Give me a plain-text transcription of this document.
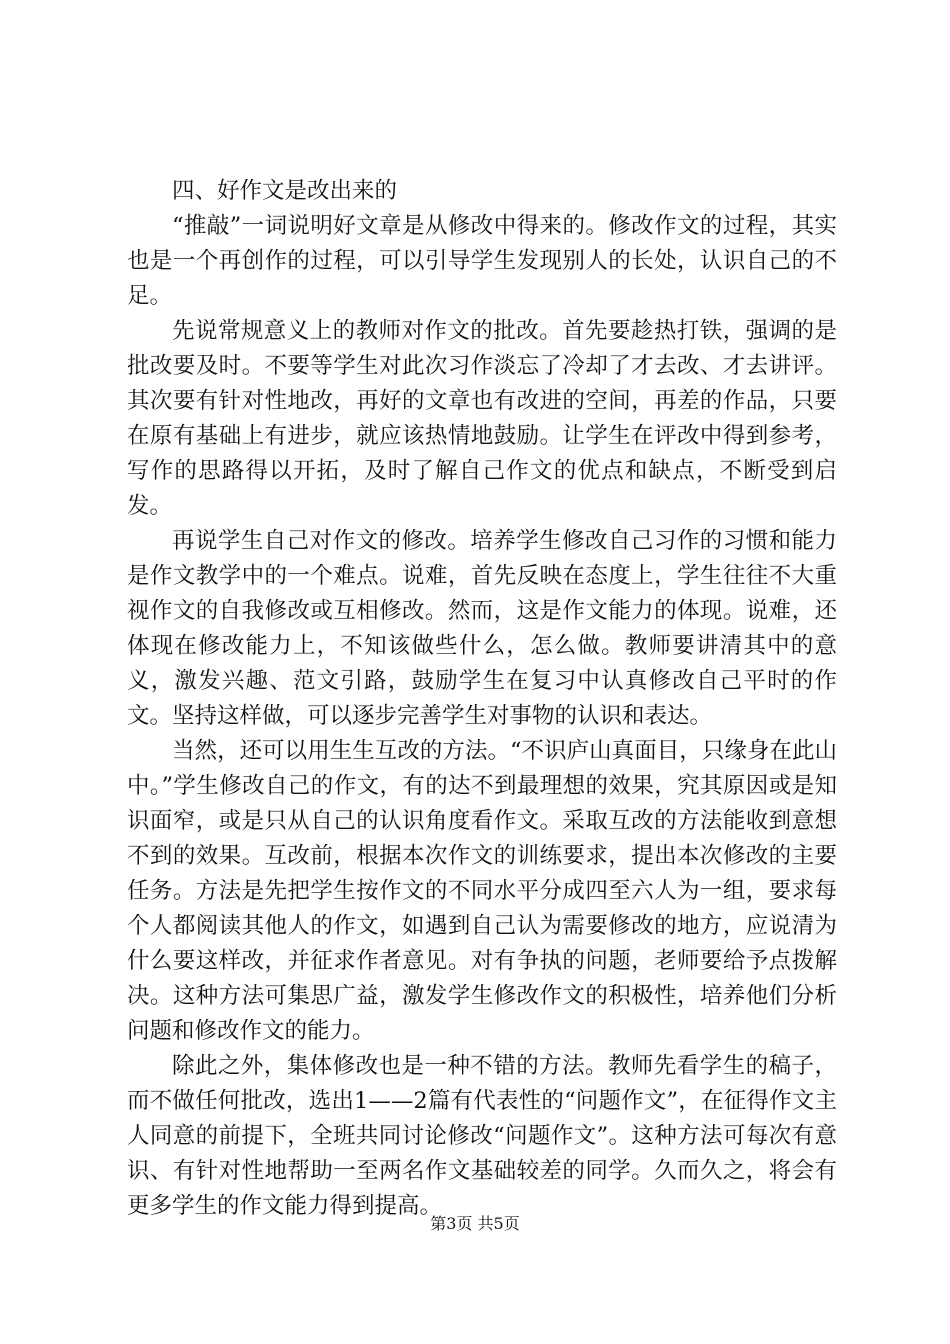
四、好作文是改出来的

“推敲”一词说明好文章是从修改中得来的。修改作文的过程，其实也是一个再创作的过程，可以引导学生发现别人的长处，认识自己的不足。

先说常规意义上的教师对作文的批改。首先要趁热打铁，强调的是批改要及时。不要等学生对此次习作淡忘了冷却了才去改、才去讲评。其次要有针对性地改，再好的文章也有改进的空间，再差的作品，只要在原有基础上有进步，就应该热情地鼓励。让学生在评改中得到参考，写作的思路得以开拓，及时了解自己作文的优点和缺点，不断受到启发。

再说学生自己对作文的修改。培养学生修改自己习作的习惯和能力是作文教学中的一个难点。说难，首先反映在态度上，学生往往不大重视作文的自我修改或互相修改。然而，这是作文能力的体现。说难，还体现在修改能力上，不知该做些什么，怎么做。教师要讲清其中的意义，激发兴趣、范文引路，鼓励学生在复习中认真修改自己平时的作文。坚持这样做，可以逐步完善学生对事物的认识和表达。

当然，还可以用生生互改的方法。“不识庐山真面目，只缘身在此山中。”学生修改自己的作文，有的达不到最理想的效果，究其原因或是知识面窄，或是只从自己的认识角度看作文。采取互改的方法能收到意想不到的效果。互改前，根据本次作文的训练要求，提出本次修改的主要任务。方法是先把学生按作文的不同水平分成四至六人为一组，要求每个人都阅读其他人的作文，如遇到自己认为需要修改的地方，应说清为什么要这样改，并征求作者意见。对有争执的问题，老师要给予点拨解决。这种方法可集思广益，激发学生修改作文的积极性，培养他们分析问题和修改作文的能力。

除此之外，集体修改也是一种不错的方法。教师先看学生的稿子，而不做任何批改，选出1——2篇有代表性的“问题作文”，在征得作文主人同意的前提下，全班共同讨论修改“问题作文”。这种方法可每次有意识、有针对性地帮助一至两名作文基础较差的同学。久而久之，将会有更多学生的作文能力得到提高。

第3页 共5页
